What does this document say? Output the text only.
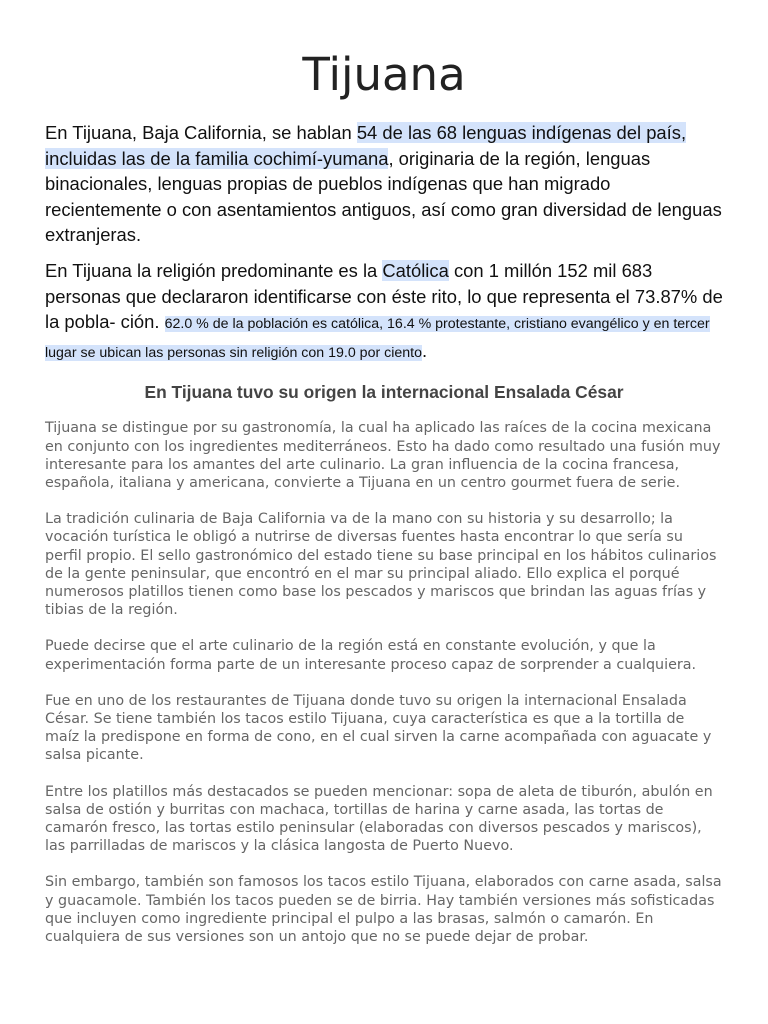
Tijuana

En Tijuana, Baja California, se hablan 54 de las 68 lenguas indígenas del país, incluidas las de la familia cochimí-yumana, originaria de la región, lenguas binacionales, lenguas propias de pueblos indígenas que han migrado recientemente o con asentamientos antiguos, así como gran diversidad de lenguas extranjeras.

En Tijuana la religión predominante es la Católica con 1 millón 152 mil 683 personas que declararon identificarse con éste rito, lo que representa el 73.87% de la pobla- ción. 62.0 % de la población es católica, 16.4 % protestante, cristiano evangélico y en tercer lugar se ubican las personas sin religión con 19.0 por ciento.

En Tijuana tuvo su origen la internacional Ensalada César

Tijuana se distingue por su gastronomía, la cual ha aplicado las raíces de la cocina mexicana en conjunto con los ingredientes mediterráneos. Esto ha dado como resultado una fusión muy interesante para los amantes del arte culinario. La gran influencia de la cocina francesa, española, italiana y americana, convierte a Tijuana en un centro gourmet fuera de serie.

La tradición culinaria de Baja California va de la mano con su historia y su desarrollo; la vocación turística le obligó a nutrirse de diversas fuentes hasta encontrar lo que sería su perfil propio. El sello gastronómico del estado tiene su base principal en los hábitos culinarios de la gente peninsular, que encontró en el mar su principal aliado. Ello explica el porqué numerosos platillos tienen como base los pescados y mariscos que brindan las aguas frías y tibias de la región.

Puede decirse que el arte culinario de la región está en constante evolución, y que la experimentación forma parte de un interesante proceso capaz de sorprender a cualquiera.

Fue en uno de los restaurantes de Tijuana donde tuvo su origen la internacional Ensalada César. Se tiene también los tacos estilo Tijuana, cuya característica es que a la tortilla de maíz la predispone en forma de cono, en el cual sirven la carne acompañada con aguacate y salsa picante.

Entre los platillos más destacados se pueden mencionar: sopa de aleta de tiburón, abulón en salsa de ostión y burritas con machaca, tortillas de harina y carne asada, las tortas de camarón fresco, las tortas estilo peninsular (elaboradas con diversos pescados y mariscos), las parrilladas de mariscos y la clásica langosta de Puerto Nuevo.

Sin embargo, también son famosos los tacos estilo Tijuana, elaborados con carne asada, salsa y guacamole. También los tacos pueden se de birria. Hay también versiones más sofisticadas que incluyen como ingrediente principal el pulpo a las brasas, salmón o camarón. En cualquiera de sus versiones son un antojo que no se puede dejar de probar.
